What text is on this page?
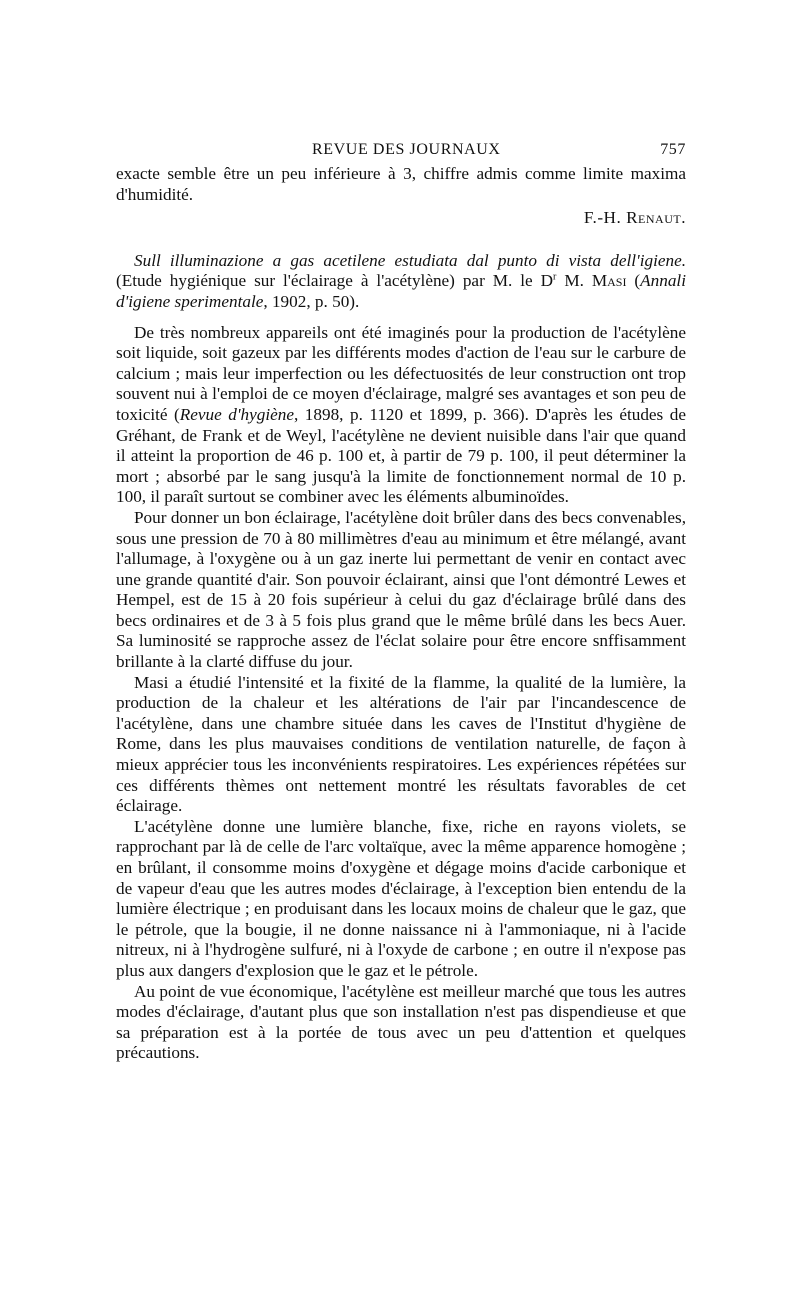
REVUE DES JOURNAUX	757

exacte semble être un peu inférieure à 3, chiffre admis comme limite maxima d'humidité.

F.-H. Renaut.

Sull illuminazione a gas acetilene estudiata dal punto di vista dell'igiene. (Etude hygiénique sur l'éclairage à l'acétylène) par M. le $D^r$ M. Masi (Annali d'igiene sperimentale, 1902, p. 50).

De très nombreux appareils ont été imaginés pour la production de l'acétylène soit liquide, soit gazeux par les différents modes d'action de l'eau sur le carbure de calcium ; mais leur imperfection ou les défectuosités de leur construction ont trop souvent nui à l'emploi de ce moyen d'éclairage, malgré ses avantages et son peu de toxicité (Revue d'hygiène, 1898, p. 1120 et 1899, p. 366). D'après les études de Gréhant, de Frank et de Weyl, l'acétylène ne devient nuisible dans l'air que quand il atteint la proportion de 46 p. 100 et, à partir de 79 p. 100, il peut déterminer la mort ; absorbé par le sang jusqu'à la limite de fonctionnement normal de 10 p. 100, il paraît surtout se combiner avec les éléments albuminoïdes.

Pour donner un bon éclairage, l'acétylène doit brûler dans des becs convenables, sous une pression de 70 à 80 millimètres d'eau au minimum et être mélangé, avant l'allumage, à l'oxygène ou à un gaz inerte lui permettant de venir en contact avec une grande quantité d'air. Son pouvoir éclairant, ainsi que l'ont démontré Lewes et Hempel, est de 15 à 20 fois supérieur à celui du gaz d'éclairage brûlé dans des becs ordinaires et de 3 à 5 fois plus grand que le même brûlé dans les becs Auer. Sa luminosité se rapproche assez de l'éclat solaire pour être encore snffisamment brillante à la clarté diffuse du jour.

Masi a étudié l'intensité et la fixité de la flamme, la qualité de la lumière, la production de la chaleur et les altérations de l'air par l'incandescence de l'acétylène, dans une chambre située dans les caves de l'Institut d'hygiène de Rome, dans les plus mauvaises conditions de ventilation naturelle, de façon à mieux apprécier tous les inconvénients respiratoires. Les expériences répétées sur ces différents thèmes ont nettement montré les résultats favorables de cet éclairage.

L'acétylène donne une lumière blanche, fixe, riche en rayons violets, se rapprochant par là de celle de l'arc voltaïque, avec la même apparence homogène ; en brûlant, il consomme moins d'oxygène et dégage moins d'acide carbonique et de vapeur d'eau que les autres modes d'éclairage, à l'exception bien entendu de la lumière électrique ; en produisant dans les locaux moins de chaleur que le gaz, que le pétrole, que la bougie, il ne donne naissance ni à l'ammoniaque, ni à l'acide nitreux, ni à l'hydrogène sulfuré, ni à l'oxyde de carbone ; en outre il n'expose pas plus aux dangers d'explosion que le gaz et le pétrole.

Au point de vue économique, l'acétylène est meilleur marché que tous les autres modes d'éclairage, d'autant plus que son installation n'est pas dispendieuse et que sa préparation est à la portée de tous avec un peu d'attention et quelques précautions.
